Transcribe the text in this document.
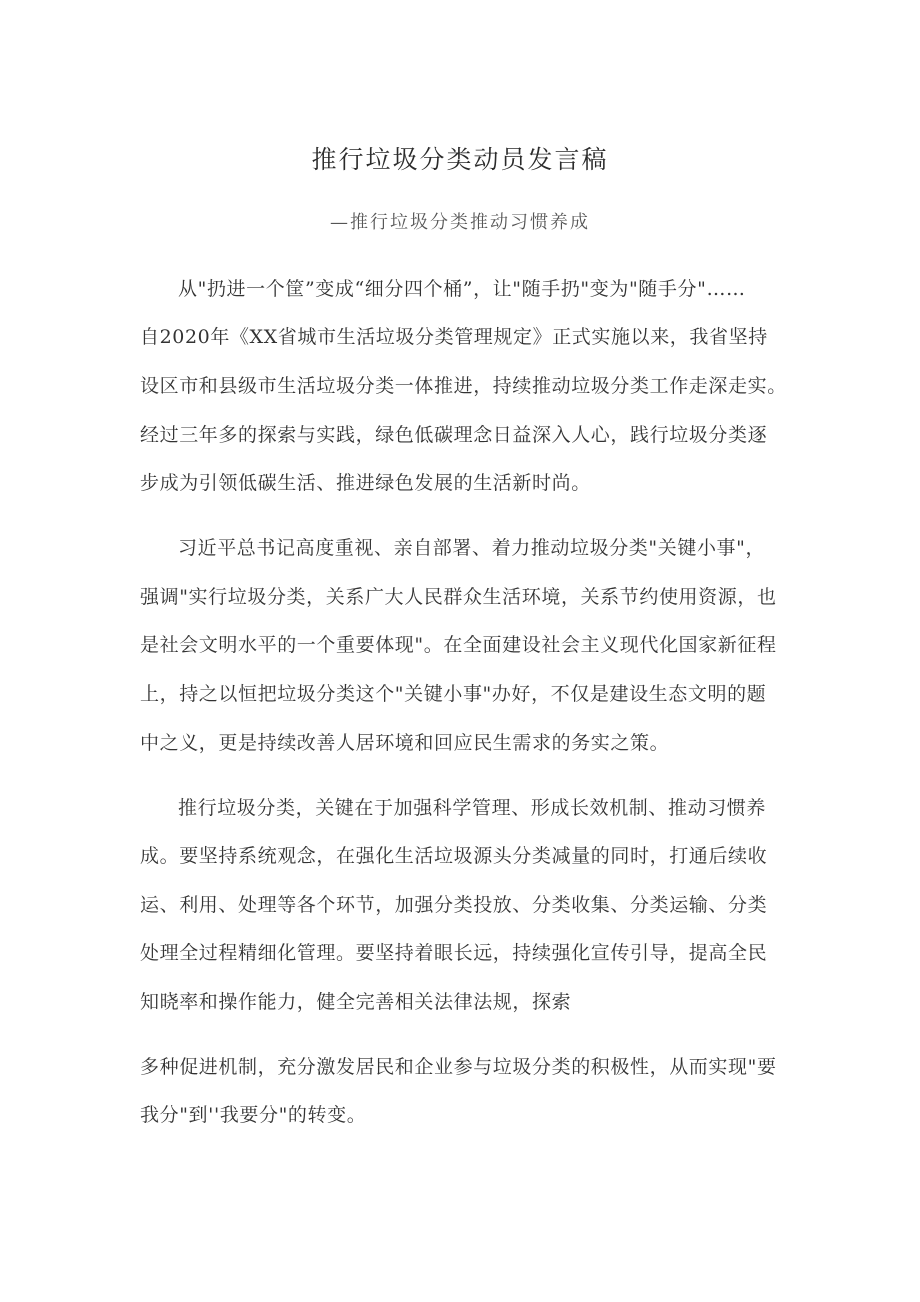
推行垃圾分类动员发言稿
—推行垃圾分类推动习惯养成
从"扔进一个筐”变成“细分四个桶”，让"随手扔"变为"随手分"……
自2020年《XX省城市生活垃圾分类管理规定》正式实施以来，我省坚持
设区市和县级市生活垃圾分类一体推进，持续推动垃圾分类工作走深走实。
经过三年多的探索与实践，绿色低碳理念日益深入人心，践行垃圾分类逐
步成为引领低碳生活、推进绿色发展的生活新时尚。
习近平总书记高度重视、亲自部署、着力推动垃圾分类"关键小事"，
强调"实行垃圾分类，关系广大人民群众生活环境，关系节约使用资源，也
是社会文明水平的一个重要体现"。在全面建设社会主义现代化国家新征程
上，持之以恒把垃圾分类这个"关键小事"办好，不仅是建设生态文明的题
中之义，更是持续改善人居环境和回应民生需求的务实之策。
推行垃圾分类，关键在于加强科学管理、形成长效机制、推动习惯养
成。要坚持系统观念，在强化生活垃圾源头分类减量的同时，打通后续收
运、利用、处理等各个环节，加强分类投放、分类收集、分类运输、分类
处理全过程精细化管理。要坚持着眼长远，持续强化宣传引导，提高全民
知晓率和操作能力，健全完善相关法律法规，探索
多种促进机制，充分激发居民和企业参与垃圾分类的积极性，从而实现"要
我分"到''我要分"的转变。
